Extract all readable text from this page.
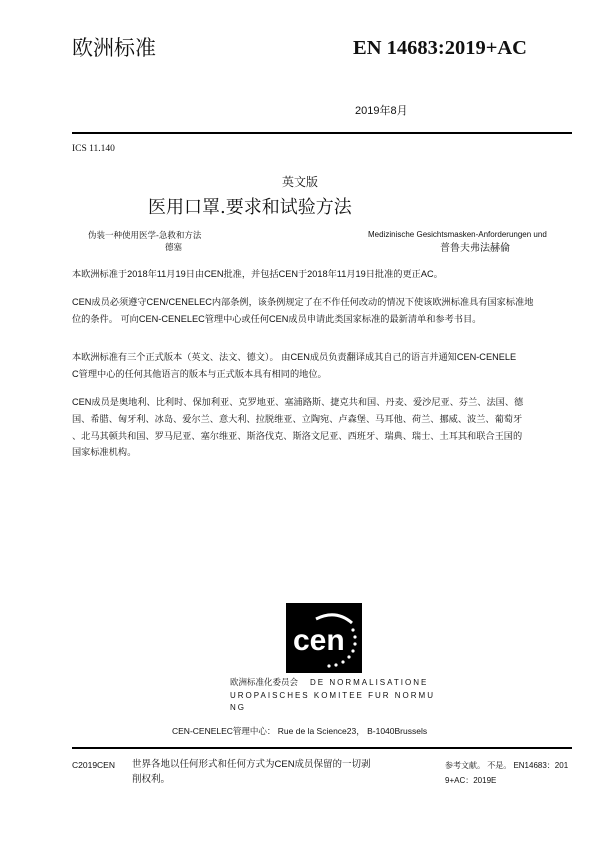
欧洲标准	EN 14683:2019+AC
2019年8月
ICS 11.140
英文版
医用口罩.要求和试验方法
伪装一种使用医学-急救和方法
德塞
Medizinische Gesichtsmasken-Anforderungen und
普鲁夫弗法赫倫
本欧洲标准于2018年11月19日由CEN批准，并包括CEN于2018年11月19日批准的更正AC。
CEN成员必须遵守CEN/CENELEC内部条例，该条例规定了在不作任何改动的情况下使该欧洲标准具有国家标准地
位的条件。 可向CEN-CENELEC管理中心或任何CEN成员申请此类国家标准的最新清单和参考书目。
本欧洲标准有三个正式版本（英文、法文、德文）。 由CEN成员负责翻译成其自己的语言并通知CEN-CENELE
C管理中心的任何其他语言的版本与正式版本具有相同的地位。
CEN成员是奥地利、比利时、保加利亚、克罗地亚、塞浦路斯、捷克共和国、丹麦、爱沙尼亚、芬兰、法国、德
国、希腊、匈牙利、冰岛、爱尔兰、意大利、拉脱维亚、立陶宛、卢森堡、马耳他、荷兰、挪威、波兰、葡萄牙
、北马其顿共和国、罗马尼亚、塞尔维亚、斯洛伐克、斯洛文尼亚、西班牙、瑞典、瑞士、土耳其和联合王国的
国家标准机构。
cen
欧洲标准化委员会 DE NORMALISATIONE
UROPAISCHES KOMITEE FUR NORMU
NG
CEN-CENELEC管理中心： Rue de la Science23， B-1040Brussels
C2019CEN 世界各地以任何形式和任何方式为CEN成员保留的一切剥
削权利。
参考文献。 不是。 EN14683：201
9+AC：2019E
